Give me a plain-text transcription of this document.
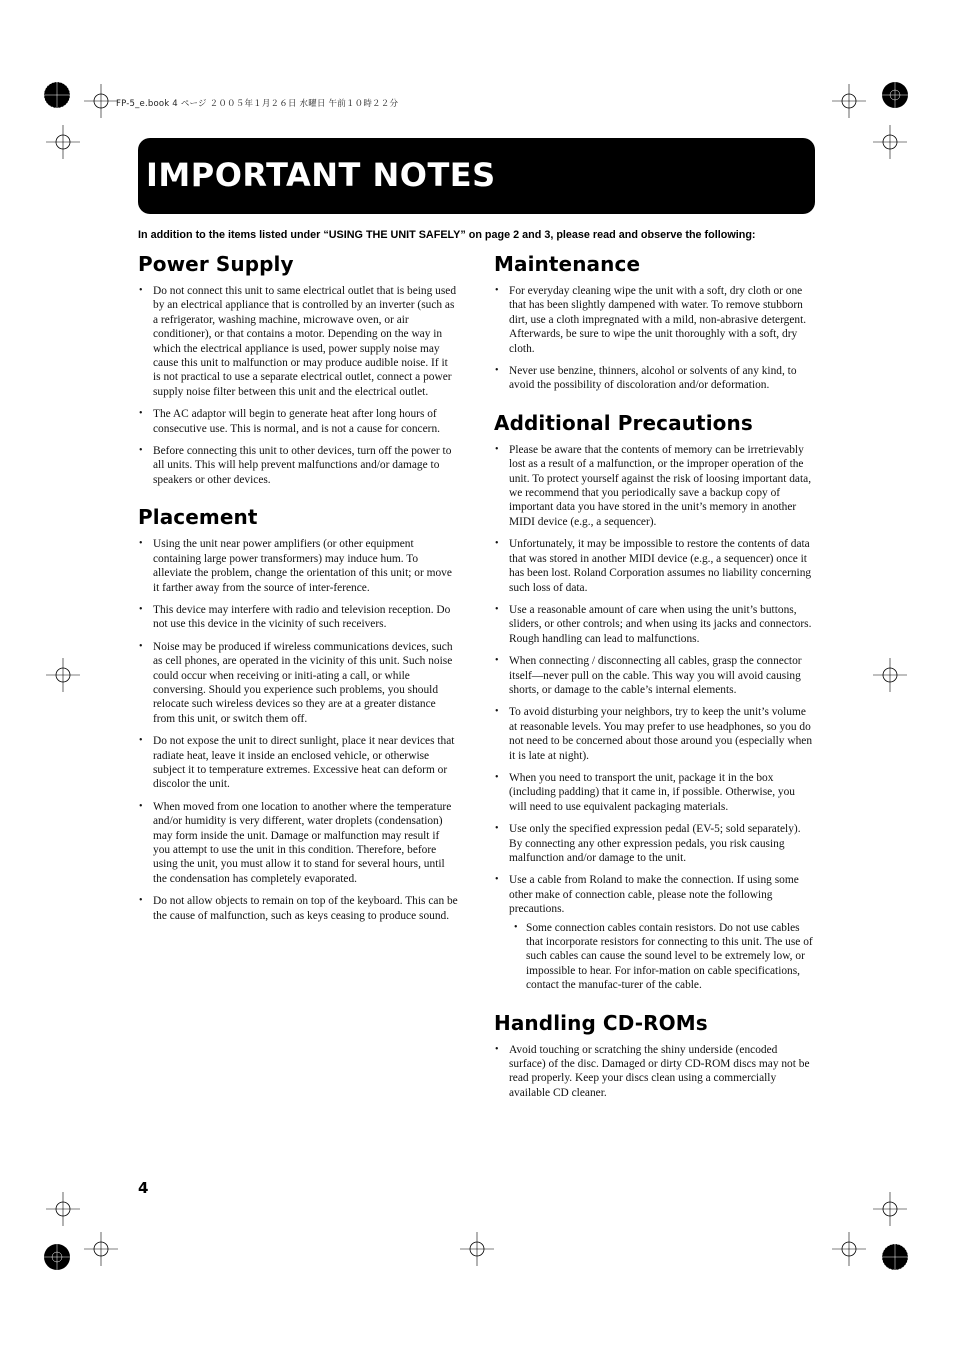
FP-5_e.book 4 ページ ２００５年１月２６日 水曜日 午前１０時２２分
IMPORTANT NOTES
In addition to the items listed under “USING THE UNIT SAFELY” on page 2 and 3, please read and observe the following:
Power Supply
• Do not connect this unit to same electrical outlet that is being used by an electrical appliance that is controlled by an inverter (such as a refrigerator, washing machine, microwave oven, or air conditioner), or that contains a motor. Depending on the way in which the electrical appliance is used, power supply noise may cause this unit to malfunction or may produce audible noise. If it is not practical to use a separate electrical outlet, connect a power supply noise filter between this unit and the electrical outlet.
• The AC adaptor will begin to generate heat after long hours of consecutive use. This is normal, and is not a cause for concern.
• Before connecting this unit to other devices, turn off the power to all units. This will help prevent malfunctions and/or damage to speakers or other devices.
Placement
• Using the unit near power amplifiers (or other equipment containing large power transformers) may induce hum. To alleviate the problem, change the orientation of this unit; or move it farther away from the source of inter-ference.
• This device may interfere with radio and television reception. Do not use this device in the vicinity of such receivers.
• Noise may be produced if wireless communications devices, such as cell phones, are operated in the vicinity of this unit. Such noise could occur when receiving or initi-ating a call, or while conversing. Should you experience such problems, you should relocate such wireless devices so they are at a greater distance from this unit, or switch them off.
• Do not expose the unit to direct sunlight, place it near devices that radiate heat, leave it inside an enclosed vehicle, or otherwise subject it to temperature extremes. Excessive heat can deform or discolor the unit.
• When moved from one location to another where the temperature and/or humidity is very different, water droplets (condensation) may form inside the unit. Damage or malfunction may result if you attempt to use the unit in this condition. Therefore, before using the unit, you must allow it to stand for several hours, until the condensation has completely evaporated.
• Do not allow objects to remain on top of the keyboard. This can be the cause of malfunction, such as keys ceasing to produce sound.
Maintenance
• For everyday cleaning wipe the unit with a soft, dry cloth or one that has been slightly dampened with water. To remove stubborn dirt, use a cloth impregnated with a mild, non-abrasive detergent. Afterwards, be sure to wipe the unit thoroughly with a soft, dry cloth.
• Never use benzine, thinners, alcohol or solvents of any kind, to avoid the possibility of discoloration and/or deformation.
Additional Precautions
• Please be aware that the contents of memory can be irretrievably lost as a result of a malfunction, or the improper operation of the unit. To protect yourself against the risk of loosing important data, we recommend that you periodically save a backup copy of important data you have stored in the unit’s memory in another MIDI device (e.g., a sequencer).
• Unfortunately, it may be impossible to restore the contents of data that was stored in another MIDI device (e.g., a sequencer) once it has been lost. Roland Corporation assumes no liability concerning such loss of data.
• Use a reasonable amount of care when using the unit’s buttons, sliders, or other controls; and when using its jacks and connectors. Rough handling can lead to malfunctions.
• When connecting / disconnecting all cables, grasp the connector itself—never pull on the cable. This way you will avoid causing shorts, or damage to the cable’s internal elements.
• To avoid disturbing your neighbors, try to keep the unit’s volume at reasonable levels. You may prefer to use headphones, so you do not need to be concerned about those around you (especially when it is late at night).
• When you need to transport the unit, package it in the box (including padding) that it came in, if possible. Otherwise, you will need to use equivalent packaging materials.
• Use only the specified expression pedal (EV-5; sold separately). By connecting any other expression pedals, you risk causing malfunction and/or damage to the unit.
• Use a cable from Roland to make the connection. If using some other make of connection cable, please note the following precautions.
• Some connection cables contain resistors. Do not use cables that incorporate resistors for connecting to this unit. The use of such cables can cause the sound level to be extremely low, or impossible to hear. For infor-mation on cable specifications, contact the manufac-turer of the cable.
Handling CD-ROMs
• Avoid touching or scratching the shiny underside (encoded surface) of the disc. Damaged or dirty CD-ROM discs may not be read properly. Keep your discs clean using a commercially available CD cleaner.
4
